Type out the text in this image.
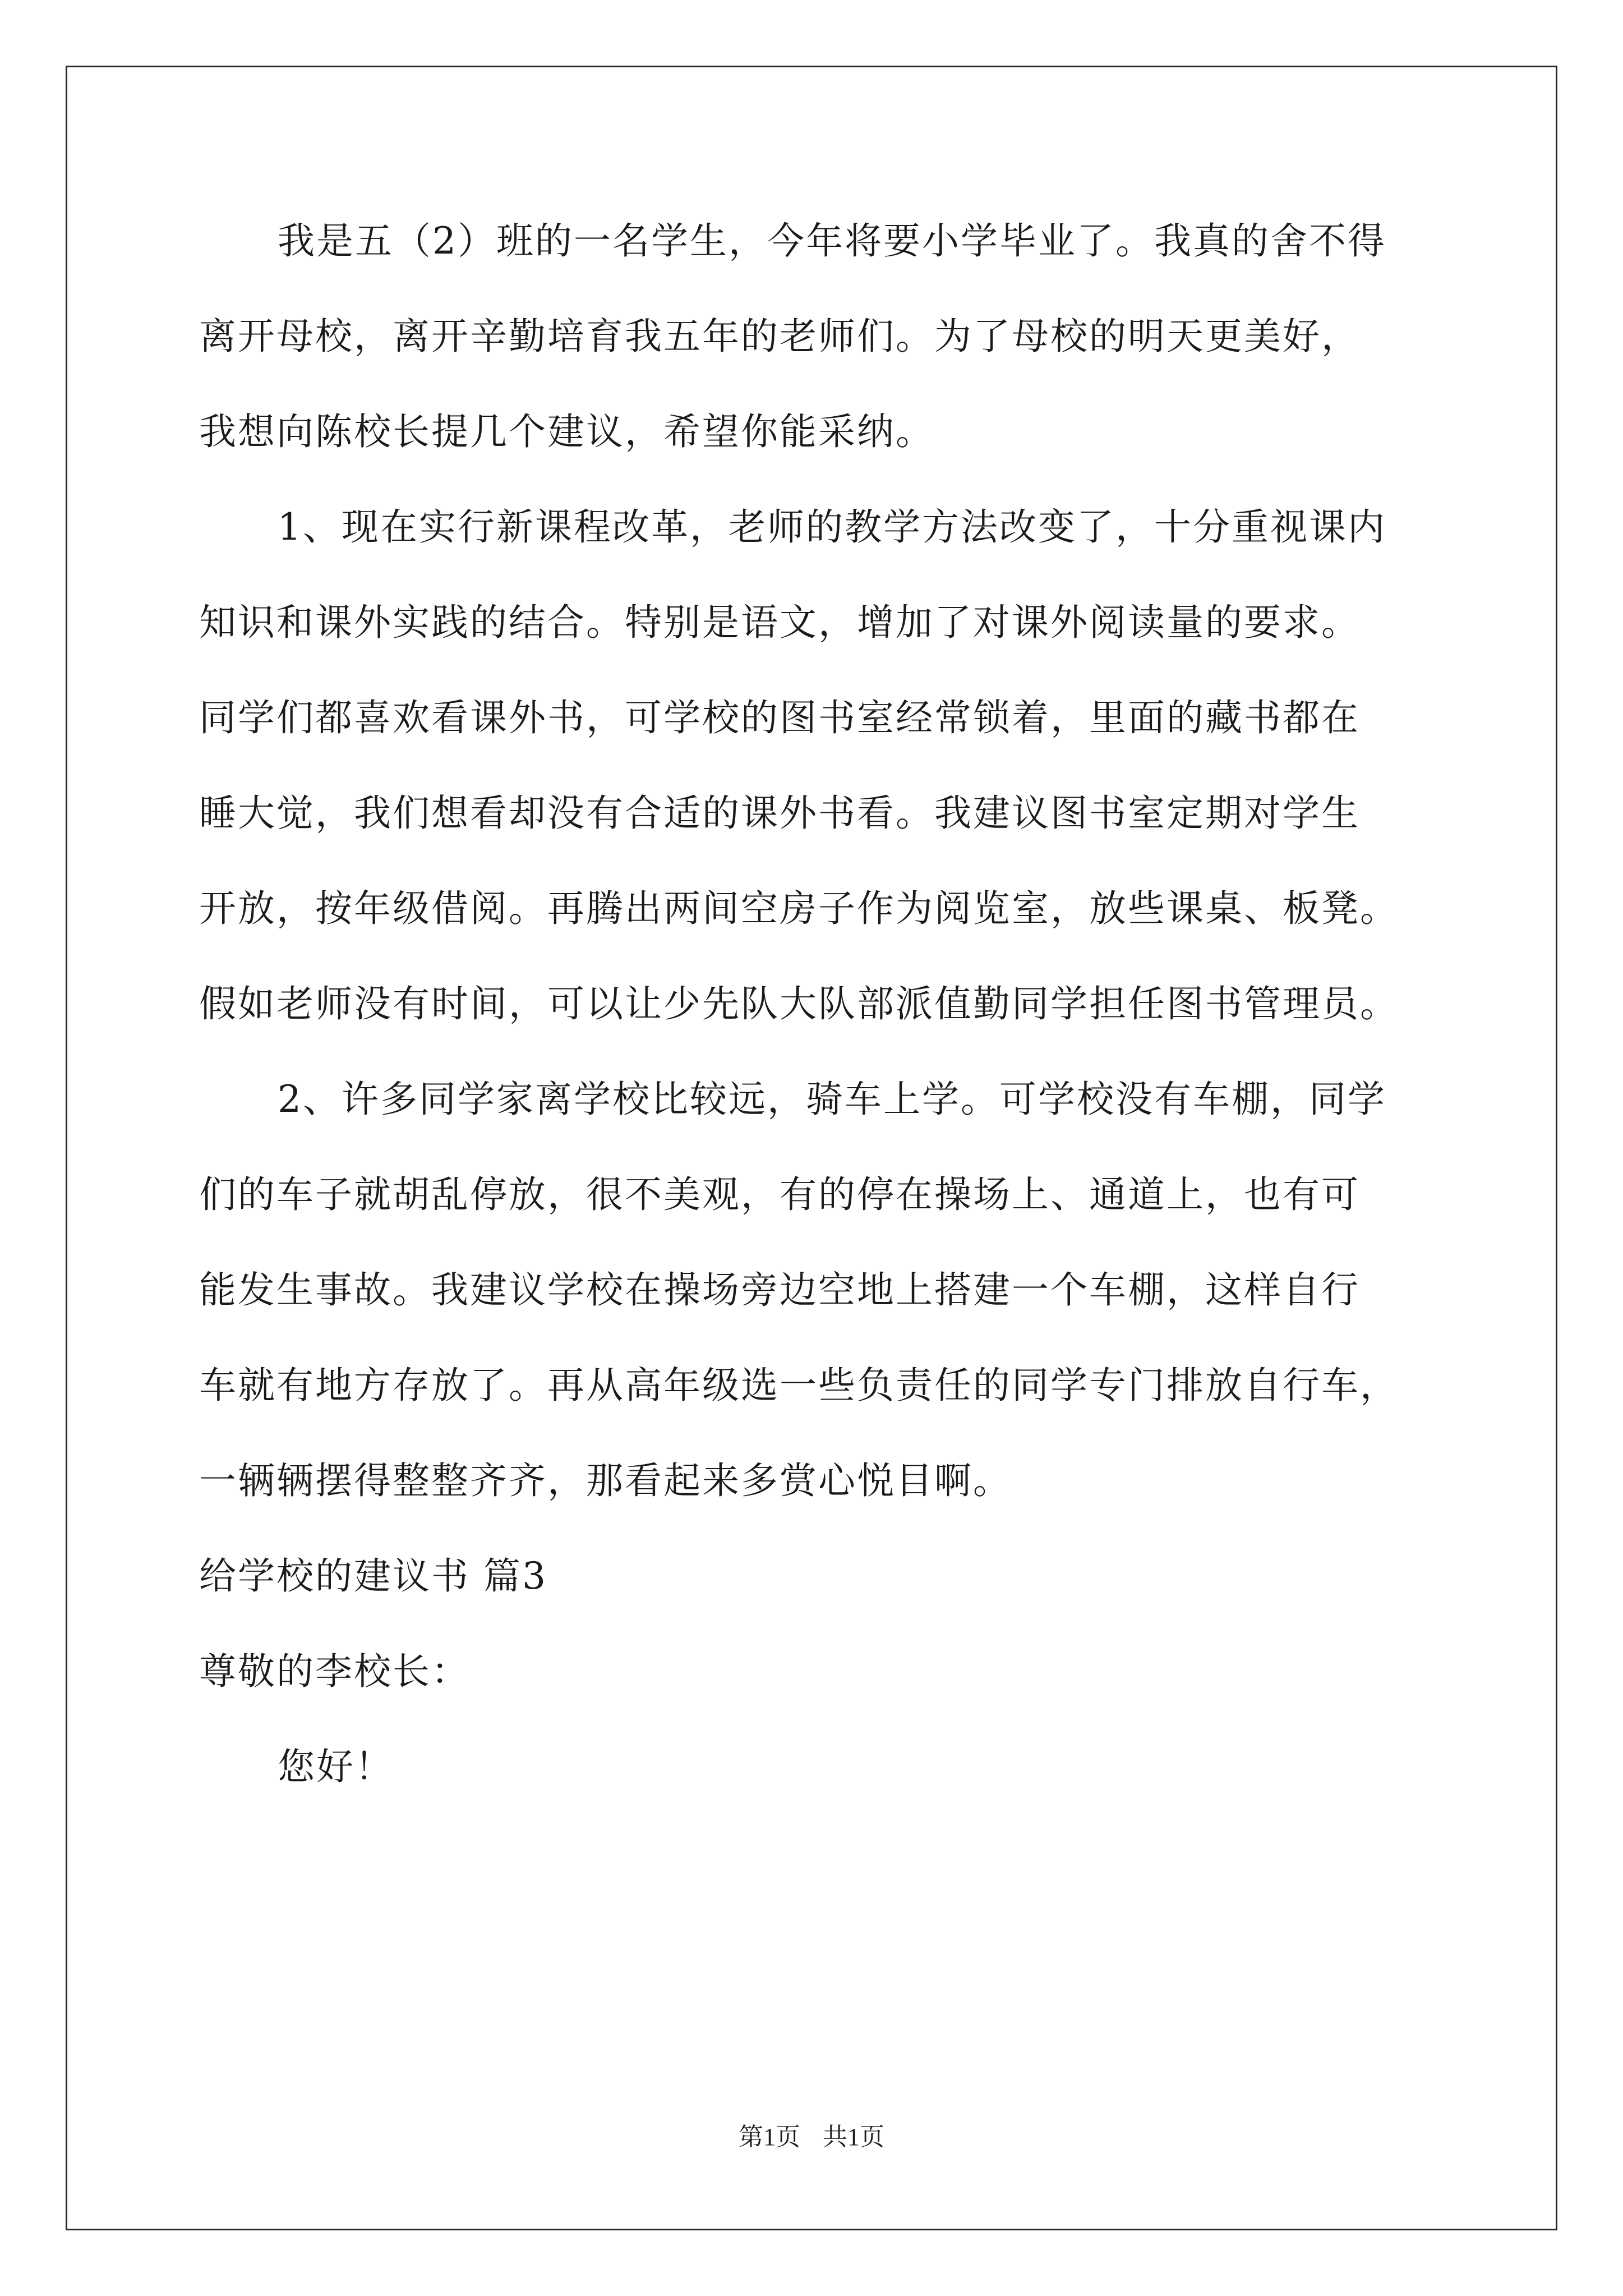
我是五（2）班的一名学生，今年将要小学毕业了。我真的舍不得
离开母校，离开辛勤培育我五年的老师们。为了母校的明天更美好，
我想向陈校长提几个建议，希望你能采纳。
1、现在实行新课程改革，老师的教学方法改变了，十分重视课内
知识和课外实践的结合。特别是语文，增加了对课外阅读量的要求。
同学们都喜欢看课外书，可学校的图书室经常锁着，里面的藏书都在
睡大觉，我们想看却没有合适的课外书看。我建议图书室定期对学生
开放，按年级借阅。再腾出两间空房子作为阅览室，放些课桌、板凳。
假如老师没有时间，可以让少先队大队部派值勤同学担任图书管理员。
2、许多同学家离学校比较远，骑车上学。可学校没有车棚，同学
们的车子就胡乱停放，很不美观，有的停在操场上、通道上，也有可
能发生事故。我建议学校在操场旁边空地上搭建一个车棚，这样自行
车就有地方存放了。再从高年级选一些负责任的同学专门排放自行车，
一辆辆摆得整整齐齐，那看起来多赏心悦目啊。
给学校的建议书 篇3
尊敬的李校长：
您好！
第1页 共1页
